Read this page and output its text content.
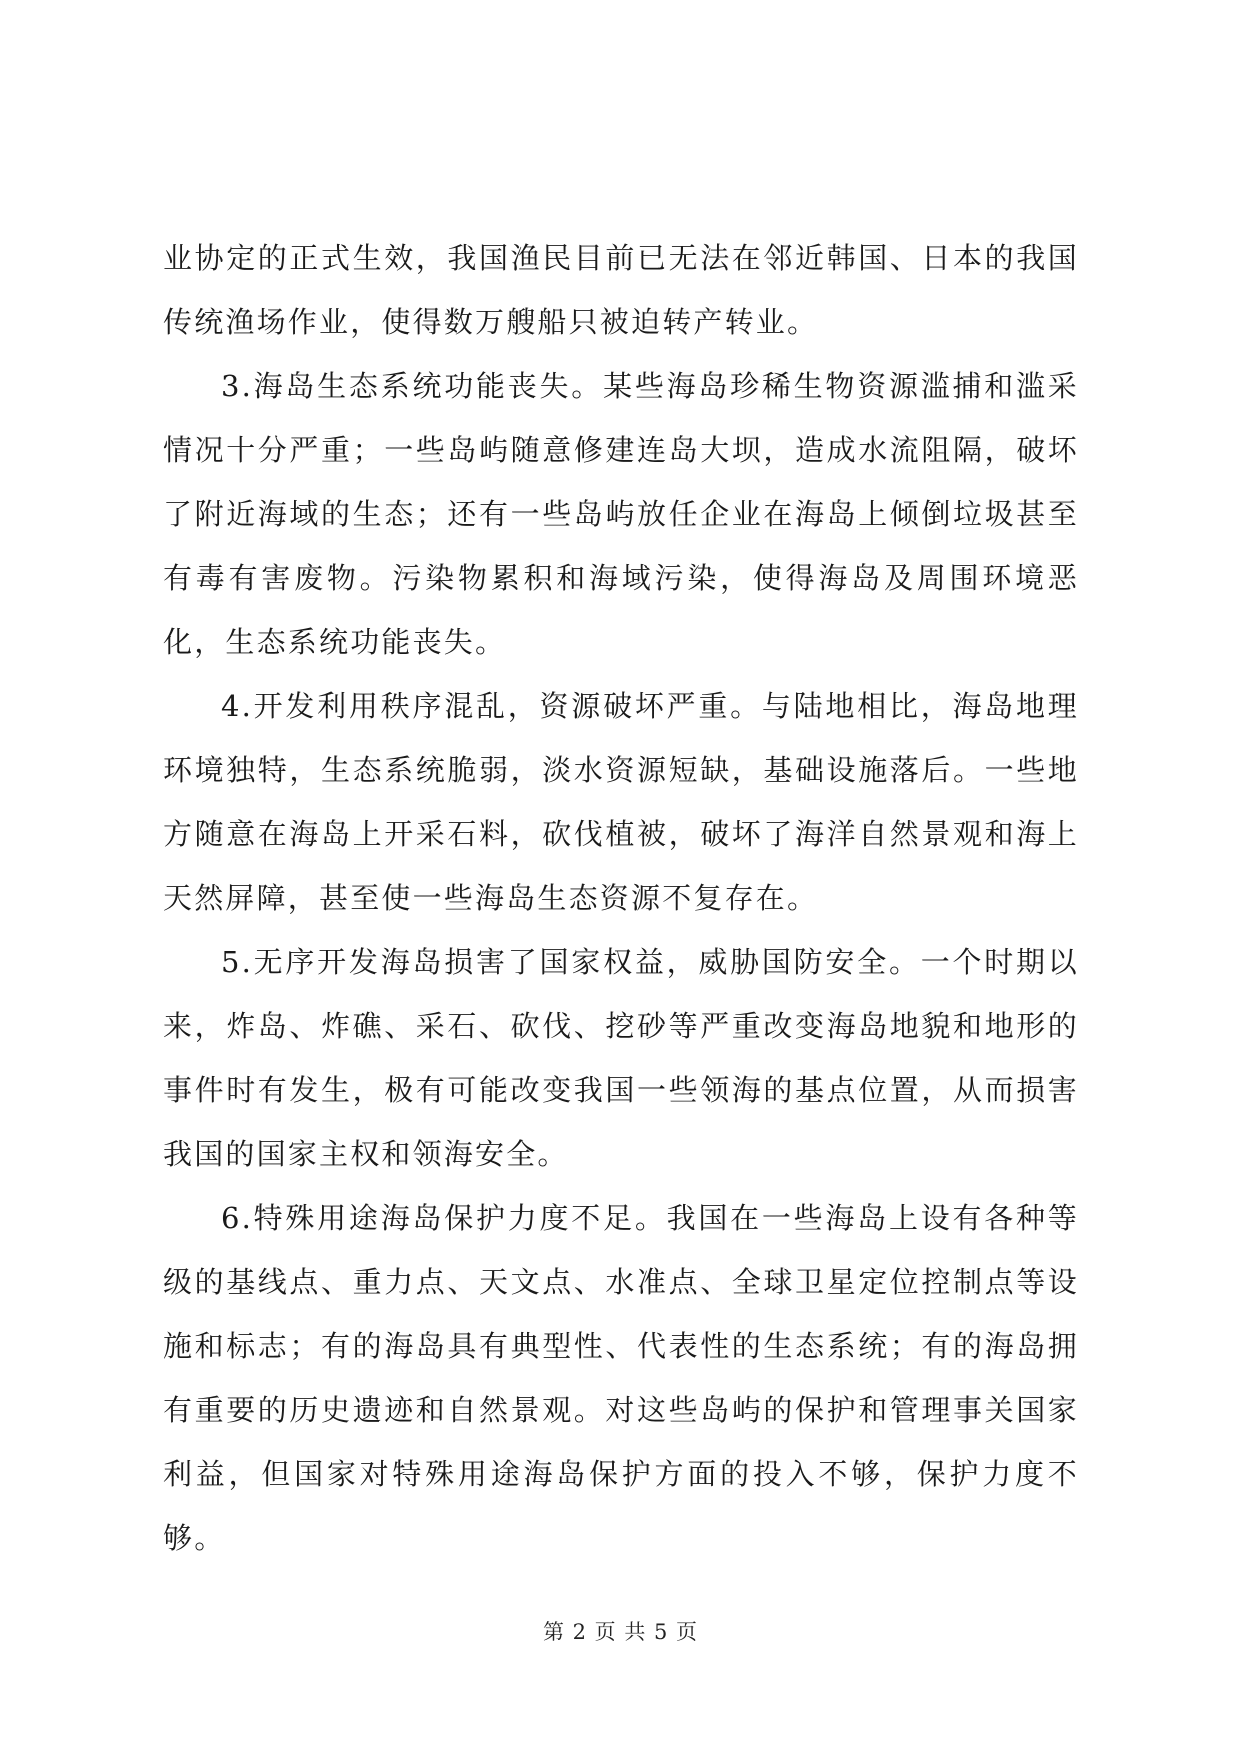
业协定的正式生效，我国渔民目前已无法在邻近韩国、日本的我国传统渔场作业，使得数万艘船只被迫转产转业。

3.海岛生态系统功能丧失。某些海岛珍稀生物资源滥捕和滥采情况十分严重；一些岛屿随意修建连岛大坝，造成水流阻隔，破坏了附近海域的生态；还有一些岛屿放任企业在海岛上倾倒垃圾甚至有毒有害废物。污染物累积和海域污染，使得海岛及周围环境恶化，生态系统功能丧失。

4.开发利用秩序混乱，资源破坏严重。与陆地相比，海岛地理环境独特，生态系统脆弱，淡水资源短缺，基础设施落后。一些地方随意在海岛上开采石料，砍伐植被，破坏了海洋自然景观和海上天然屏障，甚至使一些海岛生态资源不复存在。

5.无序开发海岛损害了国家权益，威胁国防安全。一个时期以来，炸岛、炸礁、采石、砍伐、挖砂等严重改变海岛地貌和地形的事件时有发生，极有可能改变我国一些领海的基点位置，从而损害我国的国家主权和领海安全。

6.特殊用途海岛保护力度不足。我国在一些海岛上设有各种等级的基线点、重力点、天文点、水准点、全球卫星定位控制点等设施和标志；有的海岛具有典型性、代表性的生态系统；有的海岛拥有重要的历史遗迹和自然景观。对这些岛屿的保护和管理事关国家利益，但国家对特殊用途海岛保护方面的投入不够，保护力度不够。

第 2 页 共 5 页
